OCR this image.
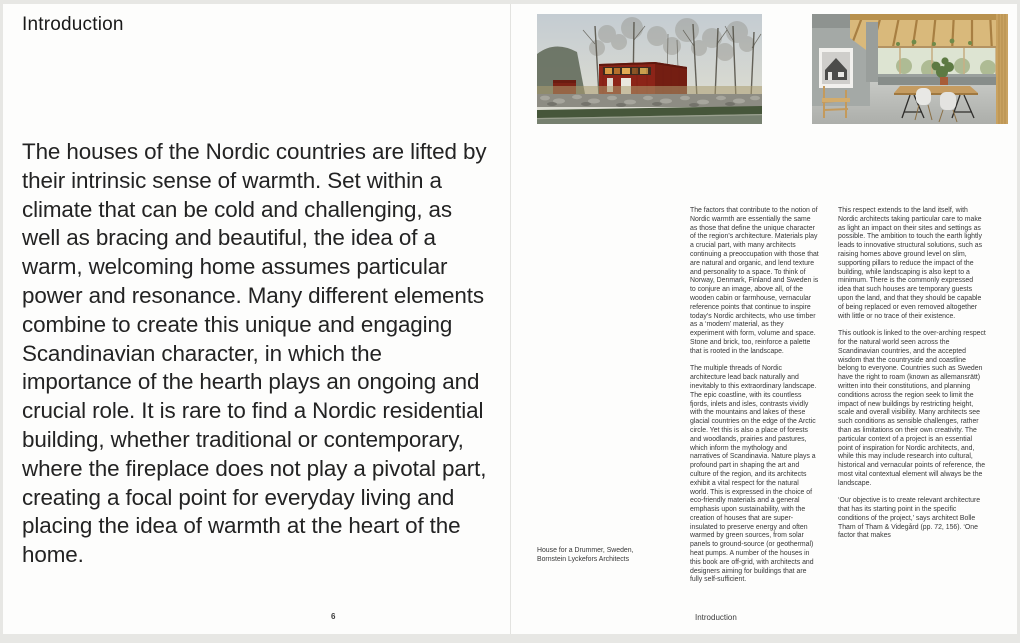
Introduction

The houses of the Nordic countries are lifted by their intrinsic sense of warmth. Set within a climate that can be cold and challenging, as well as bracing and beautiful, the idea of a warm, welcoming home assumes particular power and resonance. Many different elements combine to create this unique and engaging Scandinavian character, in which the importance of the hearth plays an ongoing and crucial role. It is rare to find a Nordic residential building, whether traditional or contemporary, where the fireplace does not play a pivotal part, creating a focal point for everyday living and placing the idea of warmth at the heart of the home.

6
House for a Drummer, Sweden,
Bornstein Lyckefors Architects

The factors that contribute to the notion of Nordic warmth are essentially the same as those that define the unique character of the region’s architecture. Materials play a crucial part, with many architects continuing a preoccupation with those that are natural and organic, and lend texture and personality to a space. To think of Norway, Denmark, Finland and Sweden is to conjure an image, above all, of the wooden cabin or farmhouse, vernacular reference points that continue to inspire today’s Nordic architects, who use timber as a ‘modern’ material, as they experiment with form, volume and space. Stone and brick, too, reinforce a palette that is rooted in the landscape.

The multiple threads of Nordic architecture lead back naturally and inevitably to this extraordinary landscape. The epic coastline, with its countless fjords, inlets and isles, contrasts vividly with the mountains and lakes of these glacial countries on the edge of the Arctic circle. Yet this is also a place of forests and woodlands, prairies and pastures, which inform the mythology and narratives of Scandinavia. Nature plays a profound part in shaping the art and culture of the region, and its architects exhibit a vital respect for the natural world. This is expressed in the choice of eco-friendly materials and a general emphasis upon sustainability, with the creation of houses that are super-insulated to preserve energy and often warmed by green sources, from solar panels to ground-source (or geothermal) heat pumps. A number of the houses in this book are off-grid, with architects and designers aiming for buildings that are fully self-sufficient.

This respect extends to the land itself, with Nordic architects taking particular care to make as light an impact on their sites and settings as possible. The ambition to touch the earth lightly leads to innovative structural solutions, such as raising homes above ground level on slim, supporting pillars to reduce the impact of the building, while landscaping is also kept to a minimum. There is the commonly expressed idea that such houses are temporary guests upon the land, and that they should be capable of being replaced or even removed altogether with little or no trace of their existence.

This outlook is linked to the over-arching respect for the natural world seen across the Scandinavian countries, and the accepted wisdom that the countryside and coastline belong to everyone. Countries such as Sweden have the right to roam (known as allemansrätt) written into their constitutions, and planning conditions across the region seek to limit the impact of new buildings by restricting height, scale and overall visibility. Many architects see such conditions as sensible challenges, rather than as limitations on their own creativity. The particular context of a project is an essential point of inspiration for Nordic architects, and, while this may include research into cultural, historical and vernacular points of reference, the most vital contextual element will always be the landscape.

‘Our objective is to create relevant architecture that has its starting point in the specific conditions of the project,’ says architect Bolle Tham of Tham & Videgård (pp. 72, 156). ‘One factor that makes

Introduction
